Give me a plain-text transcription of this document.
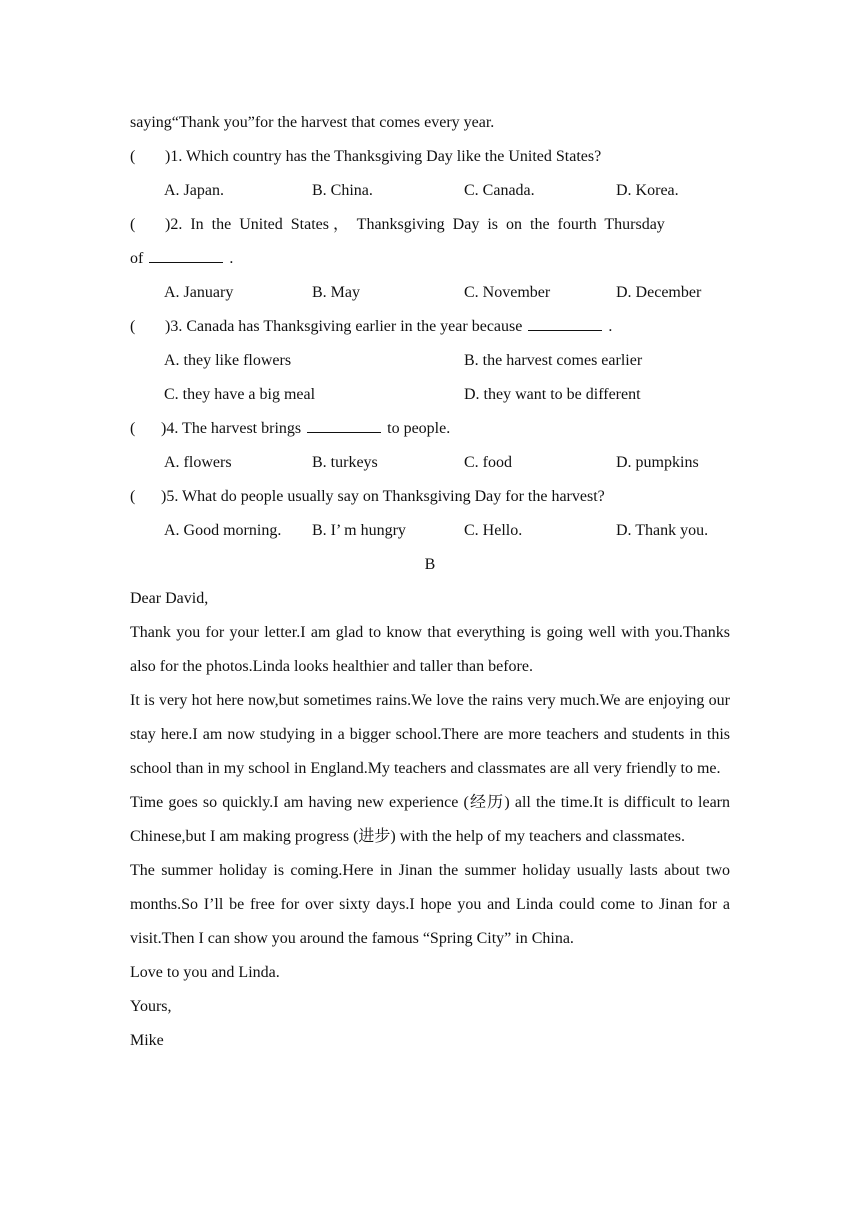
saying“Thank you”for the harvest that comes every year.
( )1. Which country has the Thanksgiving Day like the United States?
A. Japan.	B. China.	C. Canada.	D. Korea.
( )2.  In  the  United  States ，  Thanksgiving  Day  is  on  the  fourth  Thursday
of	.
A. January	B. May	C. November	D. December
( )3. Canada has Thanksgiving earlier in the year because	.
A. they like flowers	B. the harvest comes earlier
C. they have a big meal	D. they want to be different
( )4. The harvest brings	to people.
A. flowers	B. turkeys	C. food	D. pumpkins
( )5. What do people usually say on Thanksgiving Day for the harvest?
A. Good morning. B. I’ m hungry	C. Hello.	D. Thank you.
B
Dear David,
Thank you for your letter.I am glad to know that everything is going well with you.Thanks also for the photos.Linda looks healthier and taller than before.
It is very hot here now,but sometimes rains.We love the rains very much.We are enjoying our stay here.I am now studying in a bigger school.There are more teachers and students in this school than in my school in England.My teachers and classmates are all very friendly to me.
Time goes so quickly.I am having new experience (经历) all the time.It is difficult to learn Chinese,but I am making progress (进步) with the help of my teachers and classmates.
The summer holiday is coming.Here in Jinan the summer holiday usually lasts about two months.So I’ll be free for over sixty days.I hope you and Linda could come to Jinan for a visit.Then I can show you around the famous “Spring City” in China.
Love to you and Linda.
Yours,
Mike
